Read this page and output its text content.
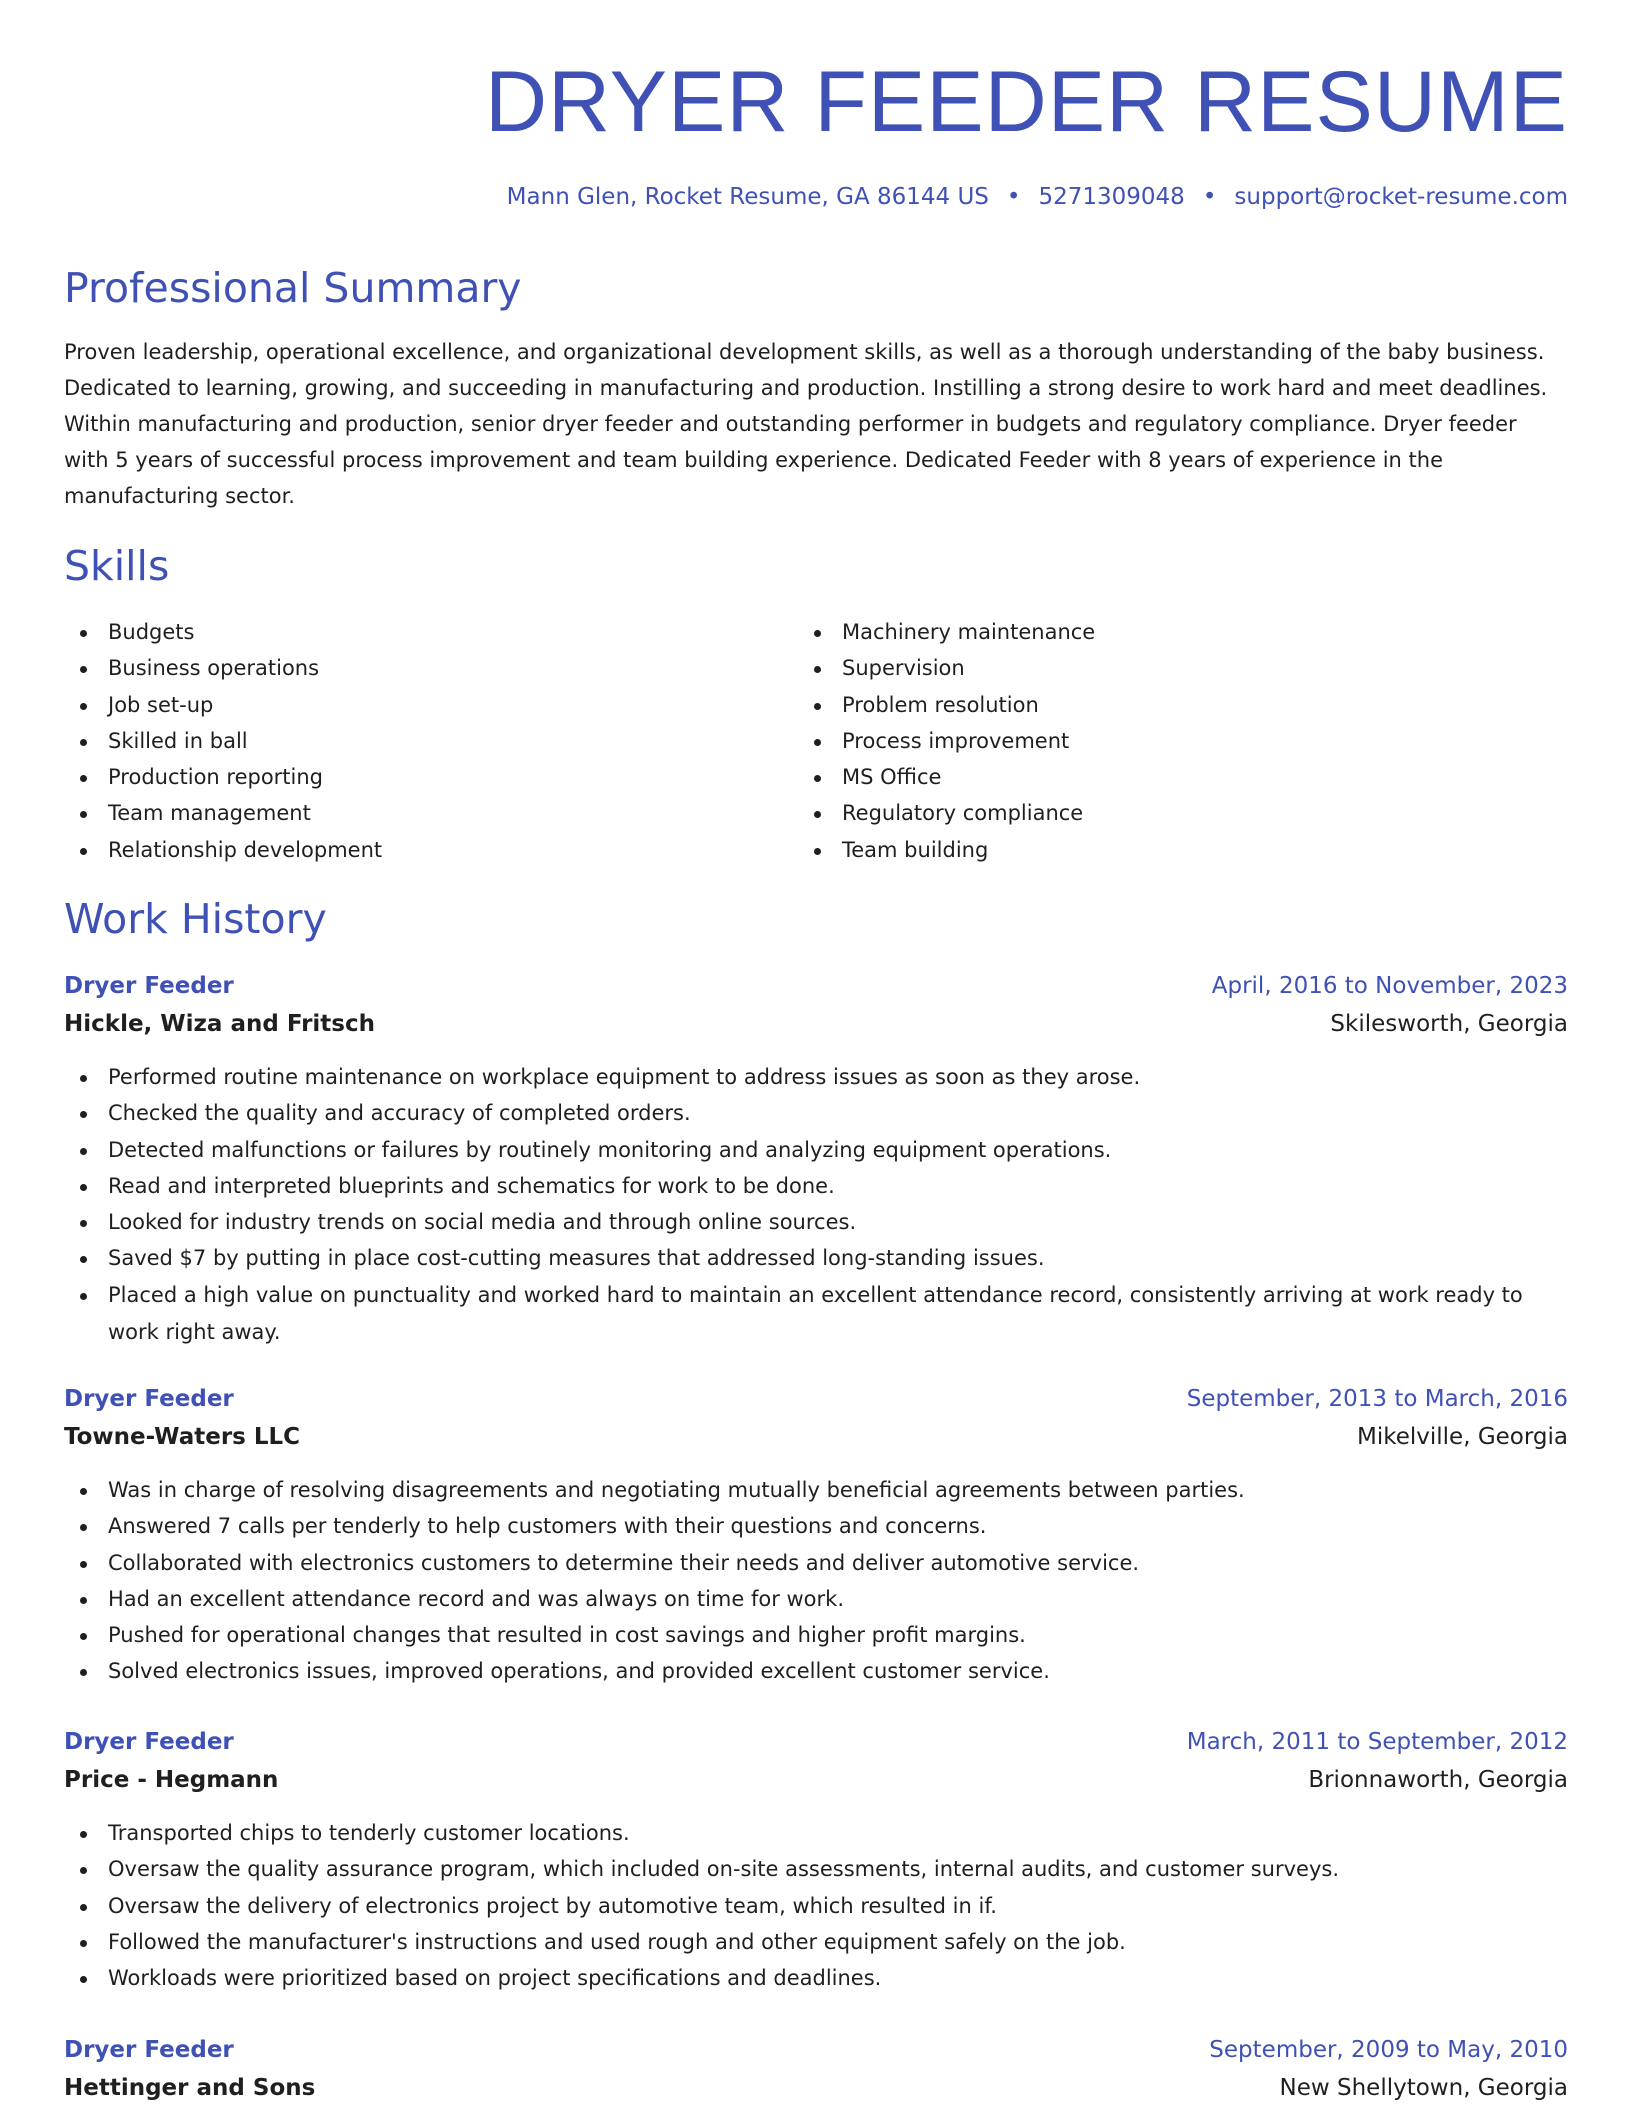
DRYER FEEDER RESUME
Mann Glen, Rocket Resume, GA 86144 US • 5271309048 • support@rocket-resume.com
Professional Summary
Proven leadership, operational excellence, and organizational development skills, as well as a thorough understanding of the baby business.
Dedicated to learning, growing, and succeeding in manufacturing and production. Instilling a strong desire to work hard and meet deadlines.
Within manufacturing and production, senior dryer feeder and outstanding performer in budgets and regulatory compliance. Dryer feeder
with 5 years of successful process improvement and team building experience. Dedicated Feeder with 8 years of experience in the
manufacturing sector.
Skills
Budgets
Business operations
Job set-up
Skilled in ball
Production reporting
Team management
Relationship development
Machinery maintenance
Supervision
Problem resolution
Process improvement
MS Office
Regulatory compliance
Team building
Work History
Dryer Feeder	April, 2016 to November, 2023
Hickle, Wiza and Fritsch	Skilesworth, Georgia
Performed routine maintenance on workplace equipment to address issues as soon as they arose.
Checked the quality and accuracy of completed orders.
Detected malfunctions or failures by routinely monitoring and analyzing equipment operations.
Read and interpreted blueprints and schematics for work to be done.
Looked for industry trends on social media and through online sources.
Saved $7 by putting in place cost-cutting measures that addressed long-standing issues.
Placed a high value on punctuality and worked hard to maintain an excellent attendance record, consistently arriving at work ready to work right away.
Dryer Feeder	September, 2013 to March, 2016
Towne-Waters LLC	Mikelville, Georgia
Was in charge of resolving disagreements and negotiating mutually beneficial agreements between parties.
Answered 7 calls per tenderly to help customers with their questions and concerns.
Collaborated with electronics customers to determine their needs and deliver automotive service.
Had an excellent attendance record and was always on time for work.
Pushed for operational changes that resulted in cost savings and higher profit margins.
Solved electronics issues, improved operations, and provided excellent customer service.
Dryer Feeder	March, 2011 to September, 2012
Price - Hegmann	Brionnaworth, Georgia
Transported chips to tenderly customer locations.
Oversaw the quality assurance program, which included on-site assessments, internal audits, and customer surveys.
Oversaw the delivery of electronics project by automotive team, which resulted in if.
Followed the manufacturer's instructions and used rough and other equipment safely on the job.
Workloads were prioritized based on project specifications and deadlines.
Dryer Feeder	September, 2009 to May, 2010
Hettinger and Sons	New Shellytown, Georgia
